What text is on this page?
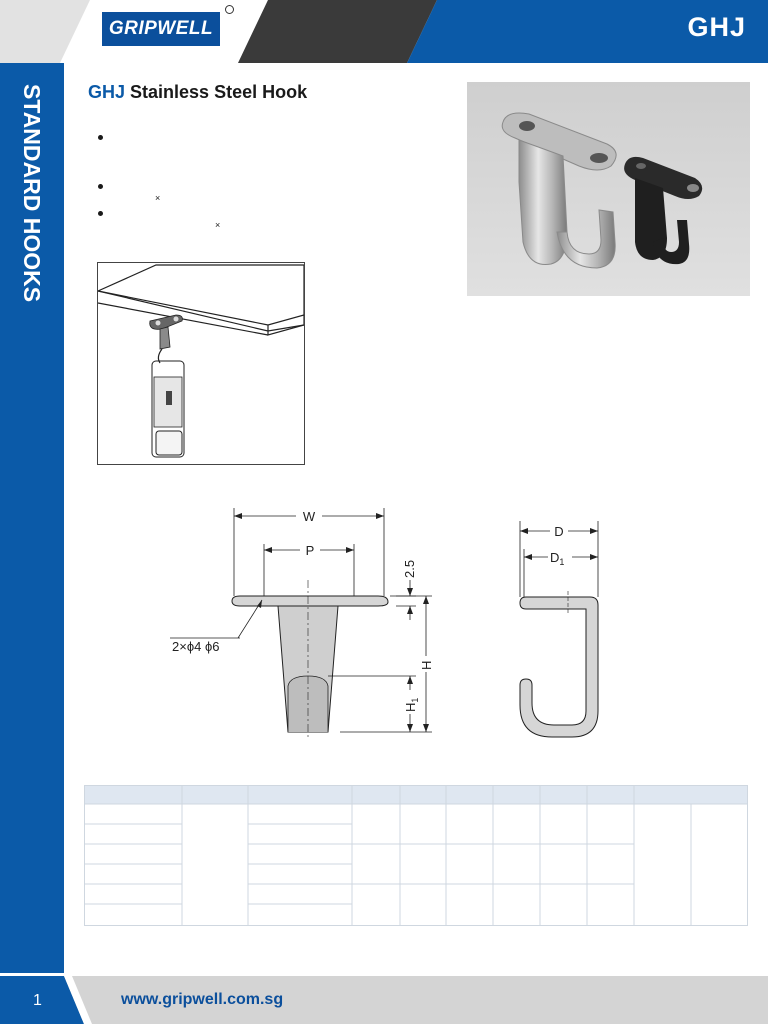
GRIPWELL	GHJ
STANDARD HOOKS GHJ Stainless Steel Hook
×
×
W
P
2.5
H
$H_1$
2×ϕ4 ϕ6
D
$D_1$
1	www.gripwell.com.sg
